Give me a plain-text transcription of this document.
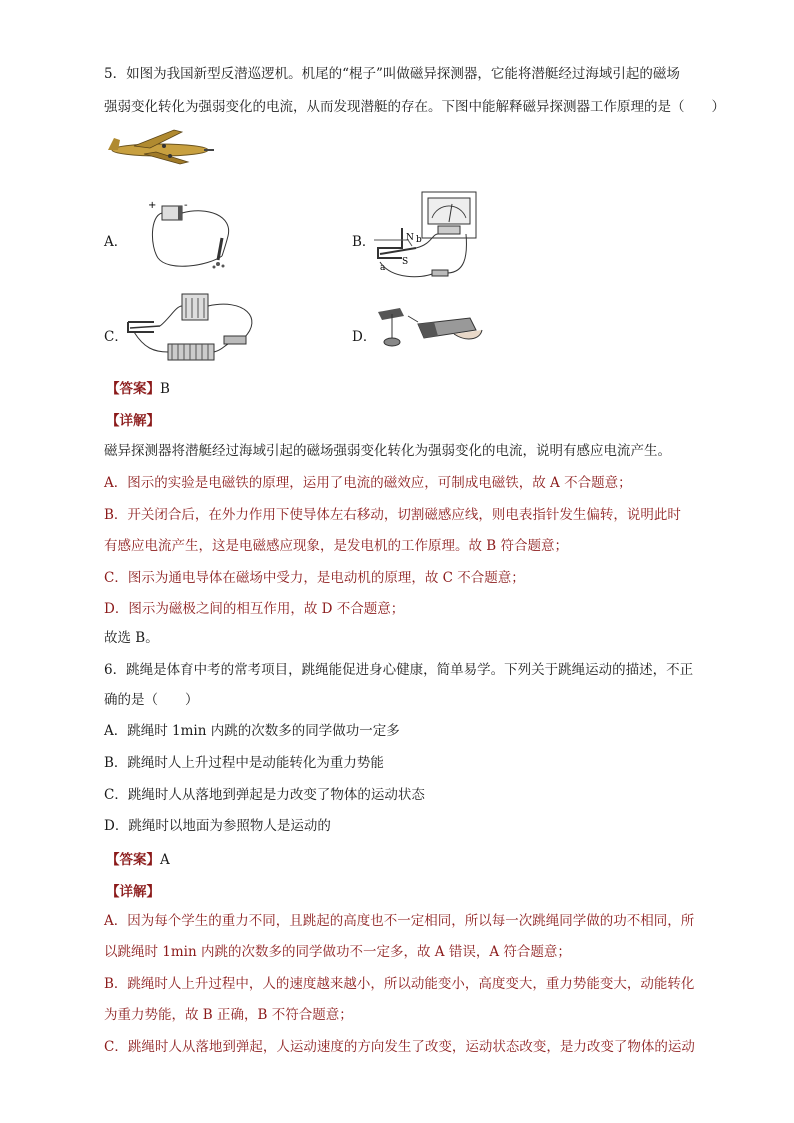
5．如图为我国新型反潜巡逻机。机尾的“棍子”叫做磁异探测器，它能将潜艇经过海域引起的磁场
强弱变化转化为强弱变化的电流，从而发现潜艇的存在。下图中能解释磁异探测器工作原理的是（　　）
A．
+	-
B．	N b
S
a
C．	D．
【答案】B
【详解】
磁异探测器将潜艇经过海域引起的磁场强弱变化转化为强弱变化的电流，说明有感应电流产生。
A．图示的实验是电磁铁的原理，运用了电流的磁效应，可制成电磁铁，故 A 不合题意；
B．开关闭合后，在外力作用下使导体左右移动，切割磁感应线，则电表指针发生偏转，说明此时
有感应电流产生，这是电磁感应现象，是发电机的工作原理。故 B 符合题意；
C．图示为通电导体在磁场中受力，是电动机的原理，故 C 不合题意；
D．图示为磁极之间的相互作用，故 D 不合题意；
故选 B。
6．跳绳是体育中考的常考项目，跳绳能促进身心健康，简单易学。下列关于跳绳运动的描述，不正
确的是（　　）
A．跳绳时 1min 内跳的次数多的同学做功一定多
B．跳绳时人上升过程中是动能转化为重力势能
C．跳绳时人从落地到弹起是力改变了物体的运动状态
D．跳绳时以地面为参照物人是运动的
【答案】A
【详解】
A．因为每个学生的重力不同，且跳起的高度也不一定相同，所以每一次跳绳同学做的功不相同，所
以跳绳时 1min 内跳的次数多的同学做功不一定多，故 A 错误，A 符合题意；
B．跳绳时人上升过程中，人的速度越来越小，所以动能变小，高度变大，重力势能变大，动能转化
为重力势能，故 B 正确，B 不符合题意；
C．跳绳时人从落地到弹起，人运动速度的方向发生了改变，运动状态改变，是力改变了物体的运动
